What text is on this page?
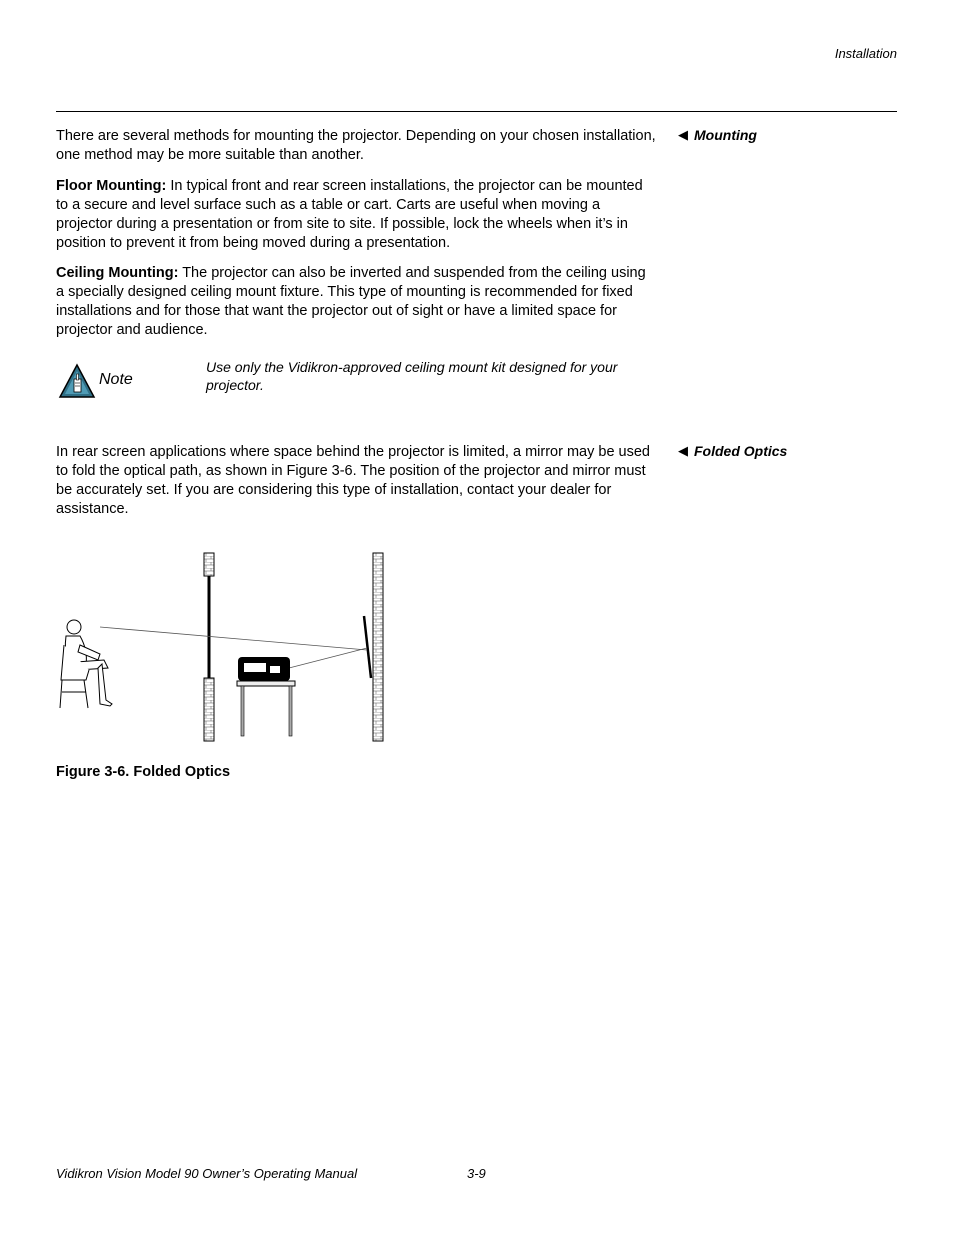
Installation
◀ Mounting

There are several methods for mounting the projector. Depending on your chosen installation, one method may be more suitable than another.

Floor Mounting: In typical front and rear screen installations, the projector can be mounted to a secure and level surface such as a table or cart. Carts are useful when moving a projector during a presentation or from site to site. If possible, lock the wheels when it’s in position to prevent it from being moved during a presentation.

Ceiling Mounting: The projector can also be inverted and suspended from the ceiling using a specially designed ceiling mount fixture. This type of mounting is recommended for fixed installations and for those that want the projector out of sight or have a limited space for projector and audience.

Note

Use only the Vidikron-approved ceiling mount kit designed for your projector.

◀ Folded Optics

In rear screen applications where space behind the projector is limited, a mirror may be used to fold the optical path, as shown in Figure 3-6. The position of the projector and mirror must be accurately set. If you are considering this type of installation, contact your dealer for assistance.

Figure 3-6. Folded Optics
Vidikron Vision Model 90 Owner’s Operating Manual	3-9
